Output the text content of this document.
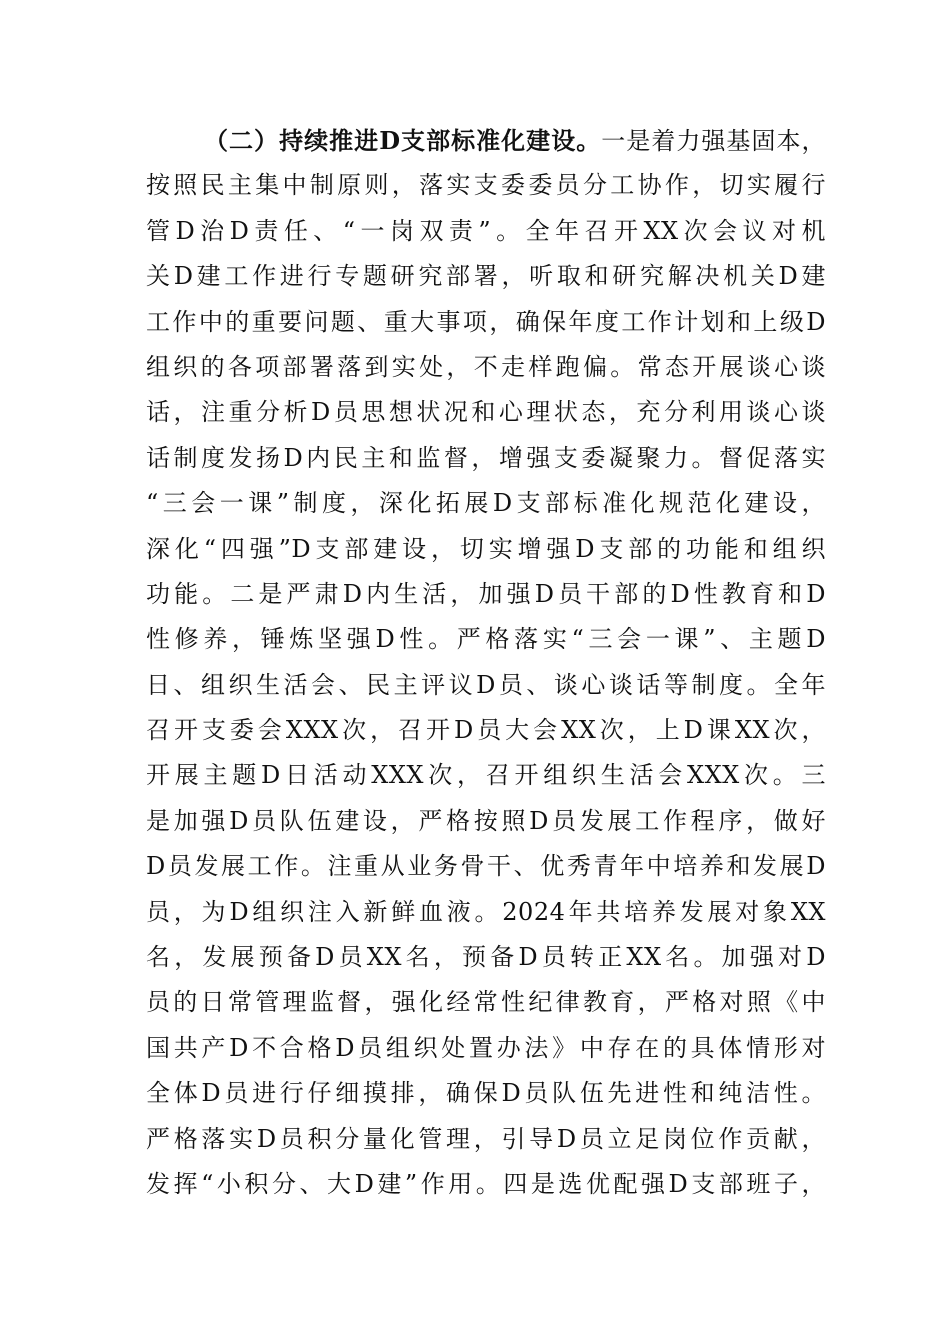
（二）持续推进D支部标准化建设。一是着力强基固本，
按照民主集中制原则，落实支委委员分工协作，切实履行
管D治D责任、“一岗双责”。全年召开XX次会议对机
关D建工作进行专题研究部署，听取和研究解决机关D建
工作中的重要问题、重大事项，确保年度工作计划和上级D
组织的各项部署落到实处，不走样跑偏。常态开展谈心谈
话，注重分析D员思想状况和心理状态，充分利用谈心谈
话制度发扬D内民主和监督，增强支委凝聚力。督促落实
“三会一课”制度，深化拓展D支部标准化规范化建设，
深化“四强”D支部建设，切实增强D支部的功能和组织
功能。二是严肃D内生活，加强D员干部的D性教育和D
性修养，锤炼坚强D性。严格落实“三会一课”、主题D
日、组织生活会、民主评议D员、谈心谈话等制度。全年
召开支委会XXX次，召开D员大会XX次，上D课XX次，
开展主题D日活动XXX次，召开组织生活会XXX次。三
是加强D员队伍建设，严格按照D员发展工作程序，做好
D员发展工作。注重从业务骨干、优秀青年中培养和发展D
员，为D组织注入新鲜血液。2024年共培养发展对象XX
名，发展预备D员XX名，预备D员转正XX名。加强对D
员的日常管理监督，强化经常性纪律教育，严格对照《中
国共产D不合格D员组织处置办法》中存在的具体情形对
全体D员进行仔细摸排，确保D员队伍先进性和纯洁性。
严格落实D员积分量化管理，引导D员立足岗位作贡献，
发挥“小积分、大D建”作用。四是选优配强D支部班子，
